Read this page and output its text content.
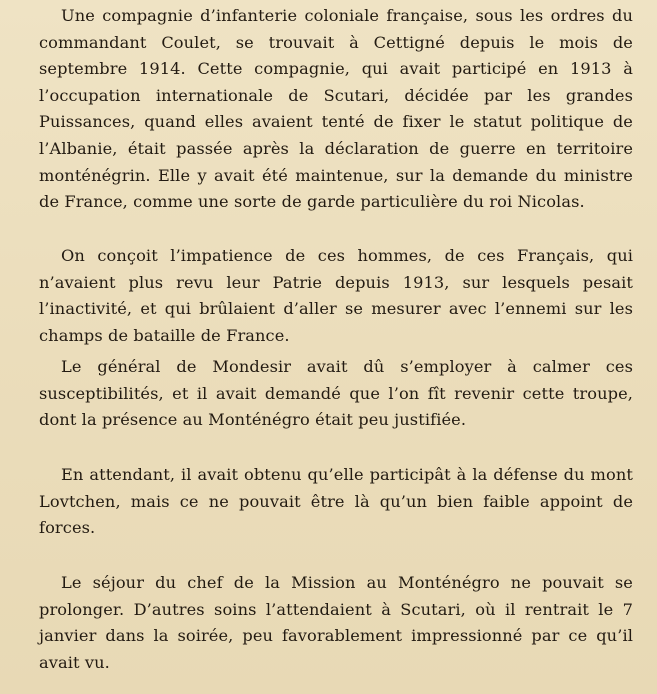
Une compagnie d’infanterie coloniale française, sous les ordres du commandant Coulet, se trouvait à Cettigné depuis le mois de septembre 1914. Cette compagnie, qui avait participé en 1913 à l’occupation internationale de Scutari, décidée par les grandes Puissances, quand elles avaient tenté de fixer le statut politique de l’Albanie, était passée après la déclaration de guerre en territoire monténégrin. Elle y avait été maintenue, sur la demande du ministre de France, comme une sorte de garde particulière du roi Nicolas.

On conçoit l’impatience de ces hommes, de ces Français, qui n’avaient plus revu leur Patrie depuis 1913, sur lesquels pesait l’inactivité, et qui brûlaient d’aller se mesurer avec l’ennemi sur les champs de bataille de France.

Le général de Mondesir avait dû s’employer à calmer ces susceptibilités, et il avait demandé que l’on fît revenir cette troupe, dont la présence au Monténégro était peu justifiée.

En attendant, il avait obtenu qu’elle participât à la défense du mont Lovtchen, mais ce ne pouvait être là qu’un bien faible appoint de forces.

Le séjour du chef de la Mission au Monténégro ne pouvait se prolonger. D’autres soins l’attendaient à Scutari, où il rentrait le 7 janvier dans la soirée, peu favorablement impressionné par ce qu’il avait vu.
